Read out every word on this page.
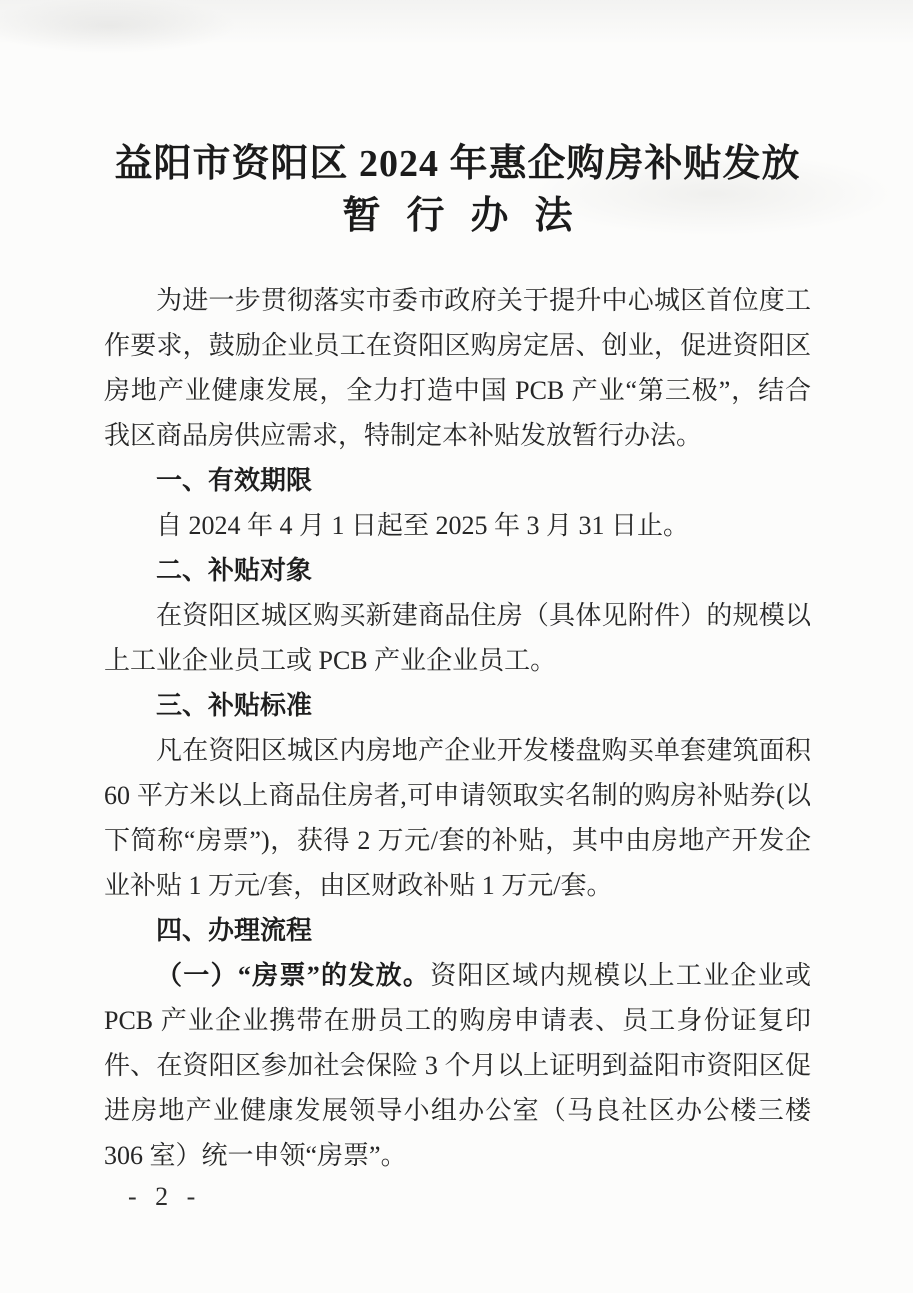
益阳市资阳区 2024 年惠企购房补贴发放
暂行办法

为进一步贯彻落实市委市政府关于提升中心城区首位度工作要求，鼓励企业员工在资阳区购房定居、创业，促进资阳区房地产业健康发展，全力打造中国 PCB 产业“第三极”，结合我区商品房供应需求，特制定本补贴发放暂行办法。

一、有效期限

自 2024 年 4 月 1 日起至 2025 年 3 月 31 日止。

二、补贴对象

在资阳区城区购买新建商品住房（具体见附件）的规模以上工业企业员工或 PCB 产业企业员工。

三、补贴标准

凡在资阳区城区内房地产企业开发楼盘购买单套建筑面积 60 平方米以上商品住房者,可申请领取实名制的购房补贴券(以下简称“房票”)，获得 2 万元/套的补贴，其中由房地产开发企业补贴 1 万元/套，由区财政补贴 1 万元/套。

四、办理流程

（一）“房票”的发放。资阳区域内规模以上工业企业或 PCB 产业企业携带在册员工的购房申请表、员工身份证复印件、在资阳区参加社会保险 3 个月以上证明到益阳市资阳区促进房地产业健康发展领导小组办公室（马良社区办公楼三楼 306 室）统一申领“房票”。

- 2 -
